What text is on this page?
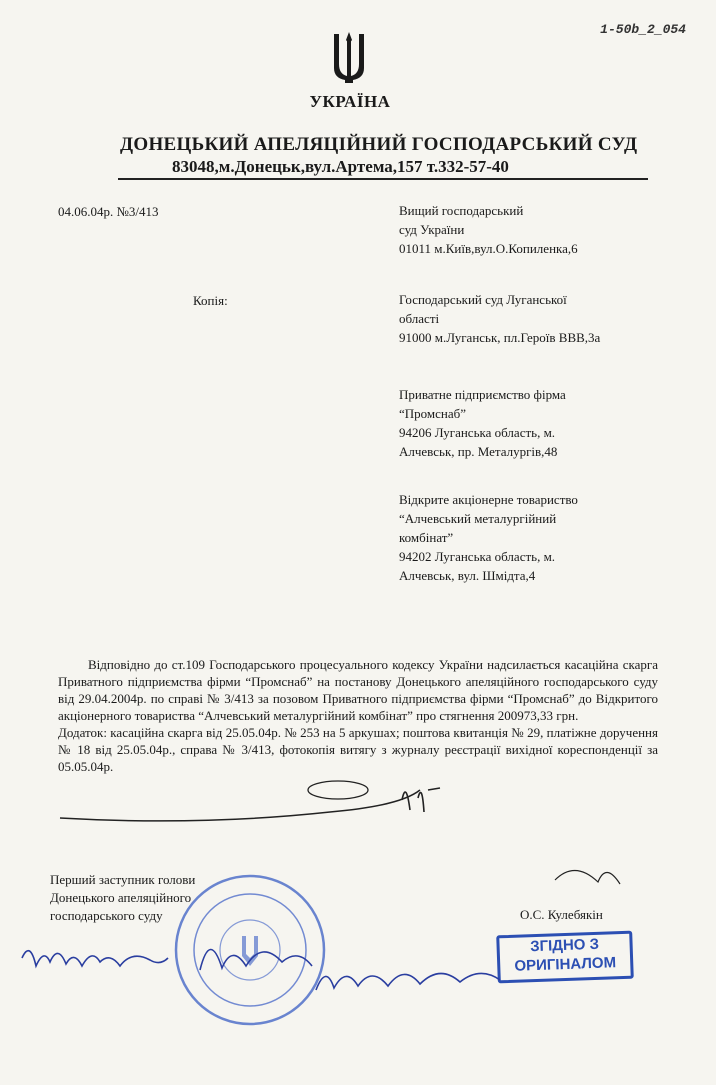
1-50b_2_054
УКРАЇНА
ДОНЕЦЬКИЙ АПЕЛЯЦІЙНИЙ ГОСПОДАРСЬКИЙ СУД
83048,м.Донецьк,вул.Артема,157 т.332-57-40
04.06.04р. №3/413
Копія:
Вищий господарський
суд України
01011 м.Київ,вул.О.Копиленка,6
Господарський суд Луганської
області
91000 м.Луганськ, пл.Героїв ВВВ,3а
Приватне підприємство фірма
“Промснаб”
94206 Луганська область, м.
Алчевськ, пр. Металургів,48
Відкрите акціонерне товариство
“Алчевський металургійний
комбінат”
94202 Луганська область, м.
Алчевськ, вул. Шмідта,4

Відповідно до ст.109 Господарського процесуального кодексу України надсилається касаційна скарга Приватного підприємства фірми “Промснаб” на постанову Донецького апеляційного господарського суду від 29.04.2004р. по справі № 3/413 за позовом Приватного підприємства фірми “Промснаб” до Відкритого акціонерного товариства “Алчевський металургійний комбінат” про стягнення 200973,33 грн.

Додаток: касаційна скарга від 25.05.04р. № 253 на 5 аркушах; поштова квитанція № 29, платіжне доручення № 18 від 25.05.04р., справа № 3/413, фотокопія витягу з журналу реєстрації вихідної кореспонденції за 05.05.04р.

Перший заступник голови
Донецького апеляційного
господарського суду	О.С. Кулебякін
ЗГІДНО З
ОРИГІНАЛОМ
